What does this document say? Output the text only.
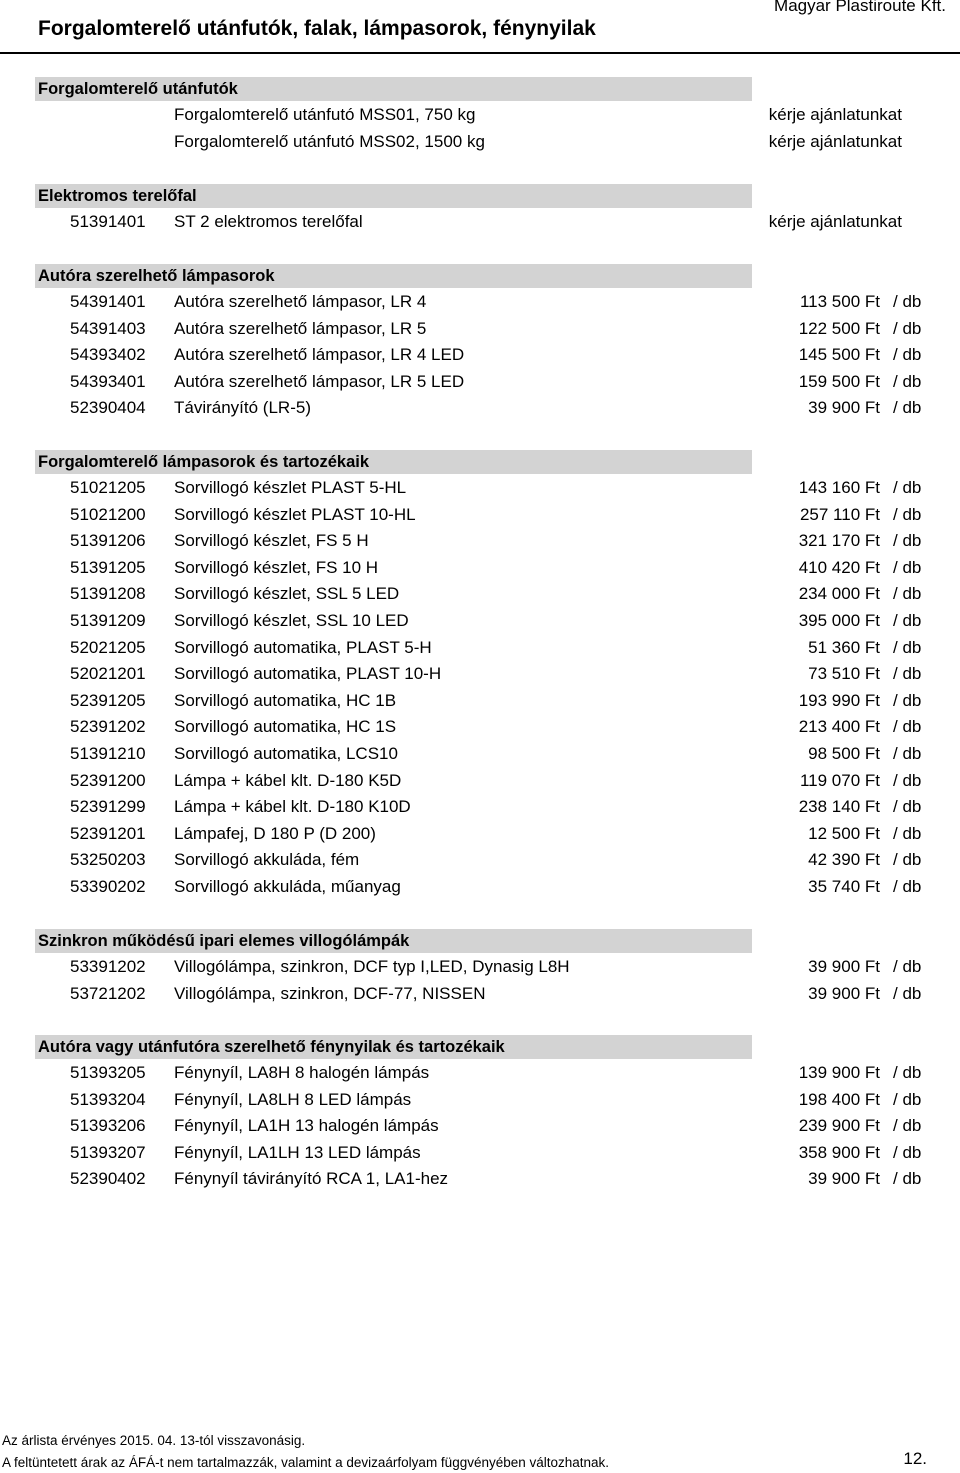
Forgalomterelő utánfutók, falak, lámpasorok, fénynyilak
Magyar Plastiroute Kft.
Forgalomterelő utánfutók
Forgalomterelő utánfutó MSS01, 750 kg	kérje ajánlatunkat
Forgalomterelő utánfutó MSS02, 1500 kg	kérje ajánlatunkat
Elektromos terelőfal
51391401 ST 2 elektromos terelőfal	kérje ajánlatunkat
Autóra szerelhető lámpasorok
54391401 Autóra szerelhető lámpasor, LR 4	113 500 Ft / db
54391403 Autóra szerelhető lámpasor, LR 5	122 500 Ft / db
54393402 Autóra szerelhető lámpasor, LR 4 LED	145 500 Ft / db
54393401 Autóra szerelhető lámpasor, LR 5 LED	159 500 Ft / db
52390404 Távirányító (LR-5)	39 900 Ft / db
Forgalomterelő lámpasorok és tartozékaik
51021205 Sorvillogó készlet PLAST 5-HL	143 160 Ft / db
51021200 Sorvillogó készlet PLAST 10-HL	257 110 Ft / db
51391206 Sorvillogó készlet, FS 5 H	321 170 Ft / db
51391205 Sorvillogó készlet, FS 10 H	410 420 Ft / db
51391208 Sorvillogó készlet, SSL 5 LED	234 000 Ft / db
51391209 Sorvillogó készlet, SSL 10 LED	395 000 Ft / db
52021205 Sorvillogó automatika, PLAST 5-H	51 360 Ft / db
52021201 Sorvillogó automatika, PLAST 10-H	73 510 Ft / db
52391205 Sorvillogó automatika, HC 1B	193 990 Ft / db
52391202 Sorvillogó automatika, HC 1S	213 400 Ft / db
51391210 Sorvillogó automatika, LCS10	98 500 Ft / db
52391200 Lámpa + kábel klt. D-180 K5D	119 070 Ft / db
52391299 Lámpa + kábel klt. D-180 K10D	238 140 Ft / db
52391201 Lámpafej, D 180 P (D 200)	12 500 Ft / db
53250203 Sorvillogó akkuláda, fém	42 390 Ft / db
53390202 Sorvillogó akkuláda, műanyag	35 740 Ft / db
Szinkron működésű ipari elemes villogólámpák
53391202 Villogólámpa, szinkron, DCF typ I,LED, Dynasig L8H	39 900 Ft / db
53721202 Villogólámpa, szinkron, DCF-77, NISSEN	39 900 Ft / db
Autóra vagy utánfutóra szerelhető fénynyilak és tartozékaik
51393205 Fénynyíl, LA8H 8 halogén lámpás	139 900 Ft / db
51393204 Fénynyíl, LA8LH 8 LED lámpás	198 400 Ft / db
51393206 Fénynyíl, LA1H 13 halogén lámpás	239 900 Ft / db
51393207 Fénynyíl, LA1LH 13 LED lámpás	358 900 Ft / db
52390402 Fénynyíl távirányító RCA 1, LA1-hez	39 900 Ft / db
Az árlista érvényes 2015. 04. 13-tól visszavonásig.
A feltüntetett árak az ÁFÁ-t nem tartalmazzák, valamint a devizaárfolyam függvényében változhatnak.	12.
